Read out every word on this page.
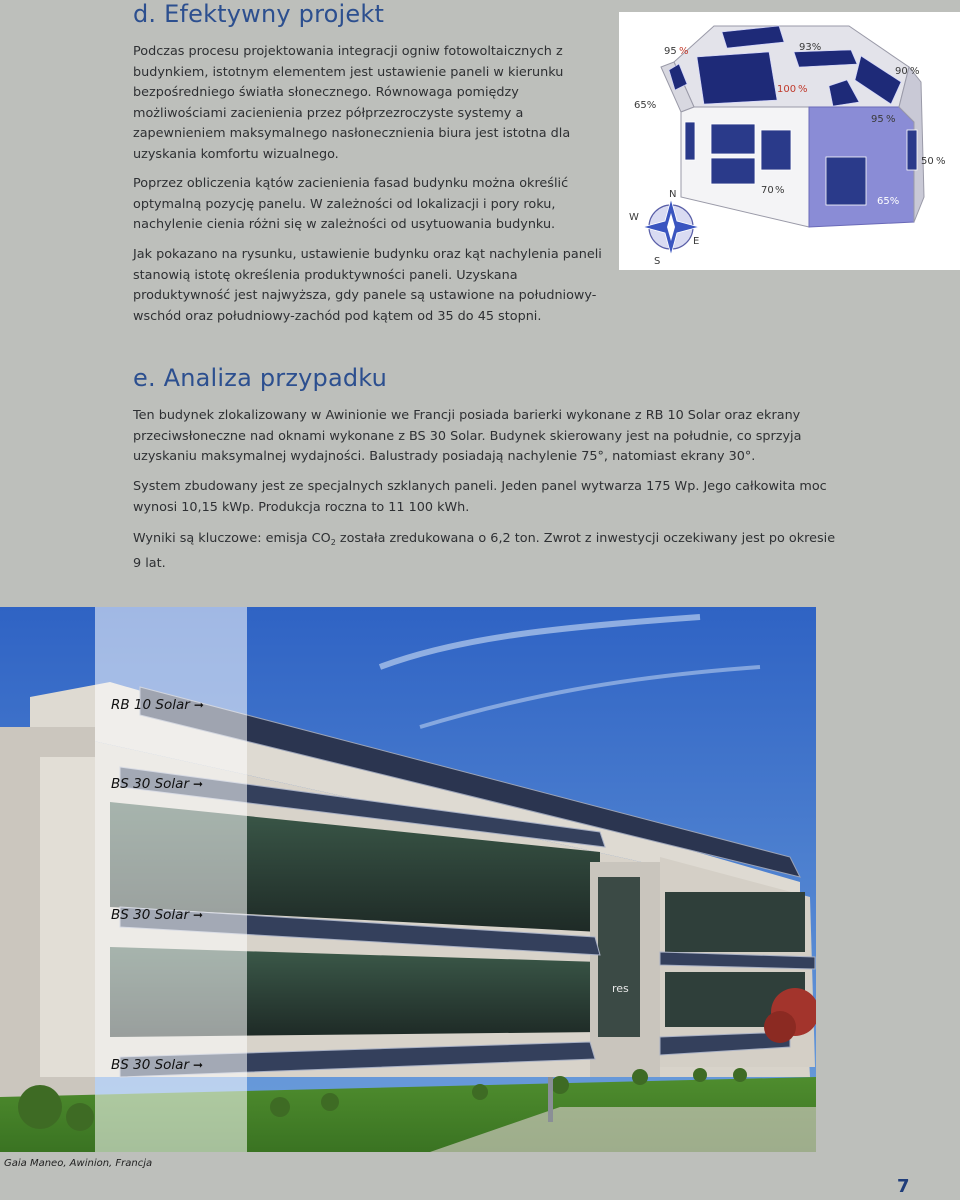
d. Efektywny projekt

Podczas procesu projektowania integracji ogniw fotowoltaicznych z budynkiem, istotnym elementem jest ustawienie paneli w kierunku bezpośredniego światła słonecznego. Równowaga pomiędzy możliwościami zacienienia przez półprzezroczyste systemy a zapewnieniem maksymalnego nasłonecznienia biura jest istotna dla uzyskania komfortu wizualnego.

Poprzez obliczenia kątów zacienienia fasad budynku można określić optymalną pozycję panelu. W zależności od lokalizacji i pory roku, nachylenie cienia różni się w zależności od usytuowania budynku.

Jak pokazano na rysunku, ustawienie budynku oraz kąt nachylenia paneli stanowią istotę określenia produktywności paneli. Uzyskana produktywność jest najwyższa, gdy panele są ustawione na południowy-wschód oraz południowy-zachód pod kątem od 35 do 45 stopni.

N
E
S
W
65%
95 %	93%
100 %
90 %
95 %
50 %
70 %
65%
e. Analiza przypadku

Ten budynek zlokalizowany w Awinionie we Francji posiada barierki wykonane z RB 10 Solar oraz ekrany przeciwsłoneczne nad oknami wykonane z BS 30 Solar. Budynek skierowany jest na południe, co sprzyja uzyskaniu maksymalnej wydajności. Balustrady posiadają nachylenie 75°, natomiast ekrany 30°.

System zbudowany jest ze specjalnych szklanych paneli. Jeden panel wytwarza 175 Wp. Jego całkowita moc wynosi 10,15 kWp. Produkcja roczna to 11 100 kWh.

Wyniki są kluczowe: emisja $CO_2$ została zredukowana o 6,2 ton. Zwrot z inwestycji oczekiwany jest po okresie 9 lat.

res
RB 10 Solar ➞
BS 30 Solar ➞
BS 30 Solar ➞
BS 30 Solar ➞
Gaia Maneo, Awinion, Francja
7
